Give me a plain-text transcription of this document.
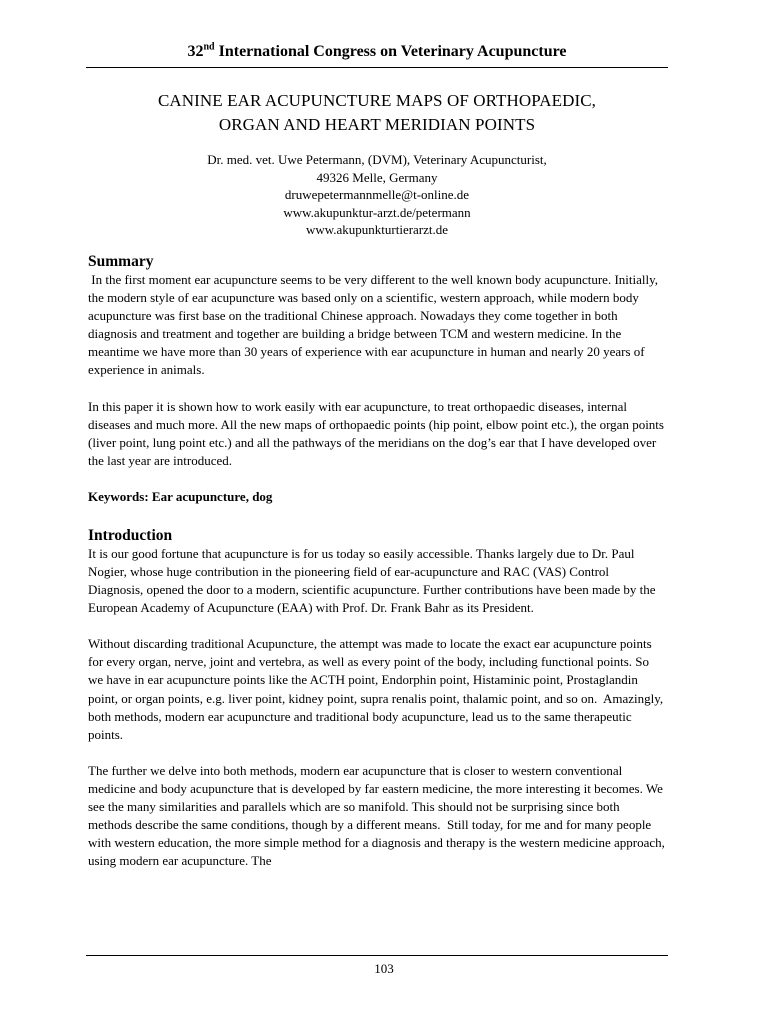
32nd International Congress on Veterinary Acupuncture
CANINE EAR ACUPUNCTURE MAPS OF ORTHOPAEDIC,
ORGAN AND HEART MERIDIAN POINTS
Dr. med. vet. Uwe Petermann, (DVM), Veterinary Acupuncturist,
49326 Melle, Germany
druwepetermannmelle@t-online.de
www.akupunktur-arzt.de/petermann
www.akupunkturtierarzt.de
Summary

In the first moment ear acupuncture seems to be very different to the well known body acupuncture. Initially, the modern style of ear acupuncture was based only on a scientific, western approach, while modern body acupuncture was first base on the traditional Chinese approach. Nowadays they come together in both diagnosis and treatment and together are building a bridge between TCM and western medicine. In the meantime we have more than 30 years of experience with ear acupuncture in human and nearly 20 years of experience in animals.

In this paper it is shown how to work easily with ear acupuncture, to treat orthopaedic diseases, internal diseases and much more. All the new maps of orthopaedic points (hip point, elbow point etc.), the organ points (liver point, lung point etc.) and all the pathways of the meridians on the dog’s ear that I have developed over the last year are introduced.

Keywords: Ear acupuncture, dog
Introduction

It is our good fortune that acupuncture is for us today so easily accessible. Thanks largely due to Dr. Paul Nogier, whose huge contribution in the pioneering field of ear-acupuncture and RAC (VAS) Control Diagnosis, opened the door to a modern, scientific acupuncture. Further contributions have been made by the European Academy of Acupuncture (EAA) with Prof. Dr. Frank Bahr as its President.

Without discarding traditional Acupuncture, the attempt was made to locate the exact ear acupuncture points for every organ, nerve, joint and vertebra, as well as every point of the body, including functional points. So we have in ear acupuncture points like the ACTH point, Endorphin point, Histaminic point, Prostaglandin point, or organ points, e.g. liver point, kidney point, supra renalis point, thalamic point, and so on.  Amazingly, both methods, modern ear acupuncture and traditional body acupuncture, lead us to the same therapeutic points.

The further we delve into both methods, modern ear acupuncture that is closer to western conventional medicine and body acupuncture that is developed by far eastern medicine, the more interesting it becomes. We see the many similarities and parallels which are so manifold. This should not be surprising since both methods describe the same conditions, though by a different means.  Still today, for me and for many people with western education, the more simple method for a diagnosis and therapy is the western medicine approach, using modern ear acupuncture. The

103
